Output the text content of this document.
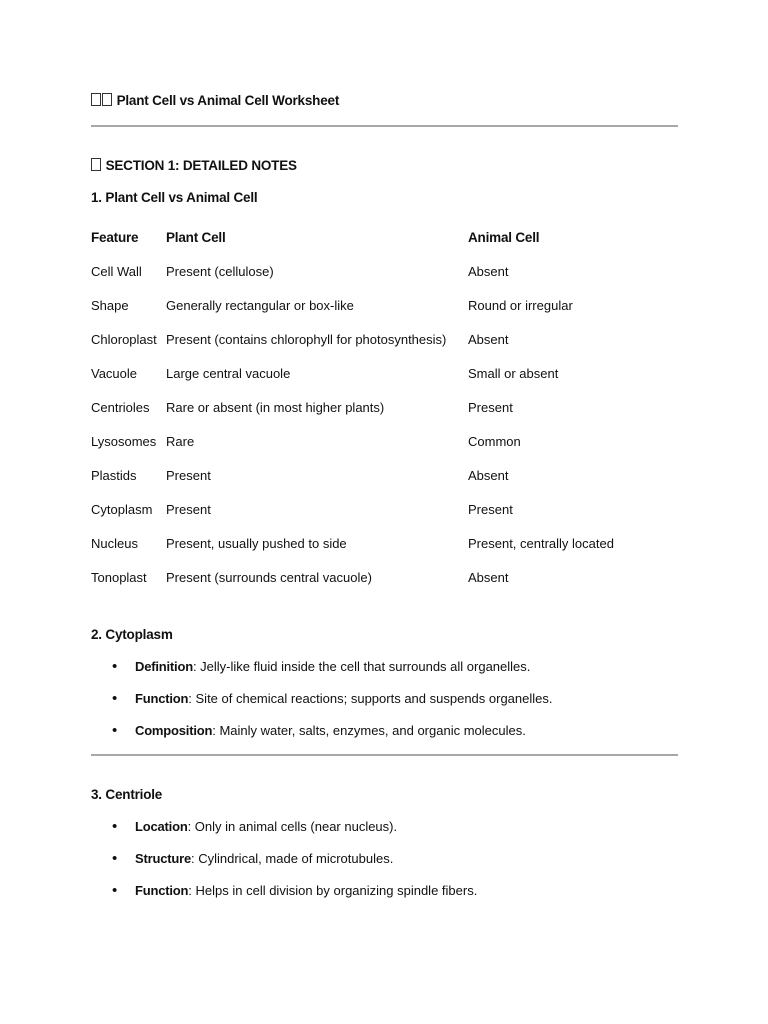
Plant Cell vs Animal Cell Worksheet
SECTION 1: DETAILED NOTES
1. Plant Cell vs Animal Cell
Feature	Plant Cell	Animal Cell
Cell Wall	Present (cellulose)	Absent
Shape	Generally rectangular or box-like	Round or irregular
Chloroplast	Present (contains chlorophyll for photosynthesis)	Absent
Vacuole	Large central vacuole	Small or absent
Centrioles	Rare or absent (in most higher plants)	Present
Lysosomes	Rare	Common
Plastids	Present	Absent
Cytoplasm	Present	Present
Nucleus	Present, usually pushed to side	Present, centrally located
Tonoplast	Present (surrounds central vacuole)	Absent
2. Cytoplasm
• Definition: Jelly-like fluid inside the cell that surrounds all organelles.
• Function: Site of chemical reactions; supports and suspends organelles.
• Composition: Mainly water, salts, enzymes, and organic molecules.
3. Centriole
• Location: Only in animal cells (near nucleus).
• Structure: Cylindrical, made of microtubules.
• Function: Helps in cell division by organizing spindle fibers.
